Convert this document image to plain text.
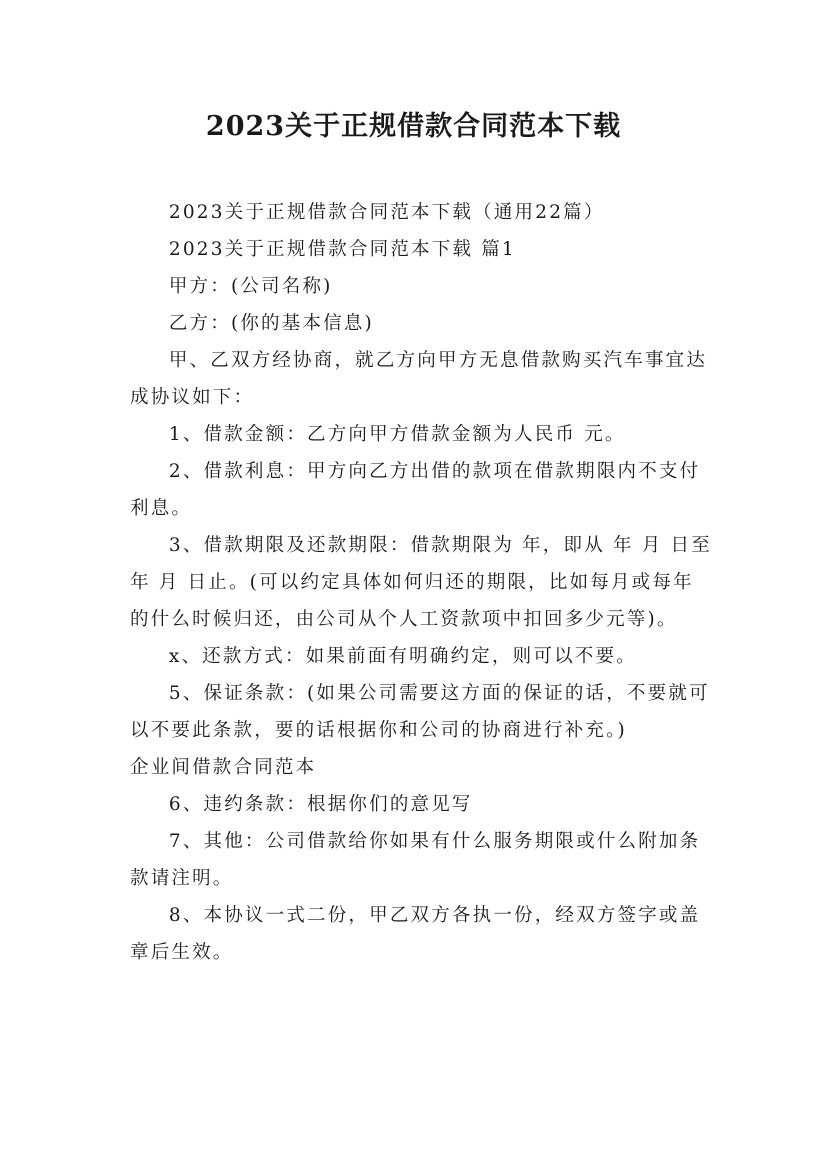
2023关于正规借款合同范本下载

2023关于正规借款合同范本下载（通用22篇）

2023关于正规借款合同范本下载 篇1

甲方：(公司名称)

乙方：(你的基本信息)

甲、乙双方经协商，就乙方向甲方无息借款购买汽车事宜达成协议如下：

1、借款金额：乙方向甲方借款金额为人民币 元。

2、借款利息：甲方向乙方出借的款项在借款期限内不支付利息。

3、借款期限及还款期限：借款期限为 年，即从 年 月 日至 年 月 日止。(可以约定具体如何归还的期限，比如每月或每年的什么时候归还，由公司从个人工资款项中扣回多少元等)。

x、还款方式：如果前面有明确约定，则可以不要。

5、保证条款：(如果公司需要这方面的保证的话，不要就可以不要此条款，要的话根据你和公司的协商进行补充。)

企业间借款合同范本

6、违约条款：根据你们的意见写

7、其他：公司借款给你如果有什么服务期限或什么附加条款请注明。

8、本协议一式二份，甲乙双方各执一份，经双方签字或盖章后生效。
